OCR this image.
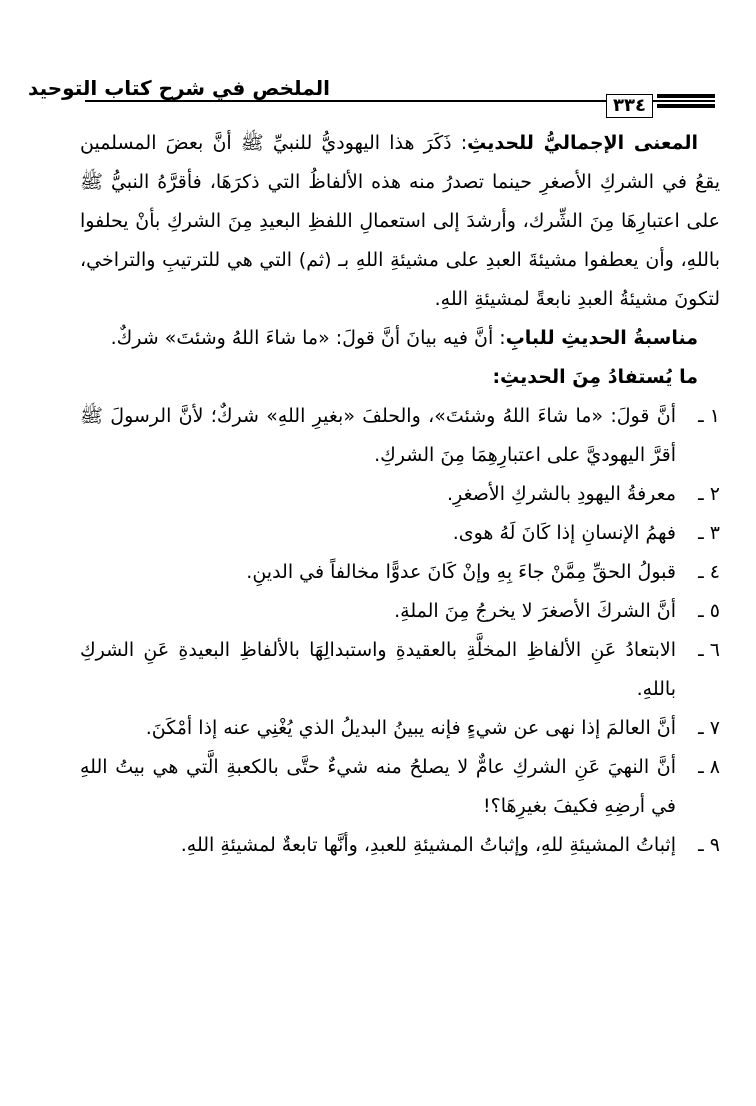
الملخص في شرح كتاب التوحيد
٣٣٤

المعنى الإجماليُّ للحديثِ: ذَكَرَ هذا اليهوديُّ للنبيِّ ﷺ أنَّ بعضَ المسلمين يقعُ في الشركِ الأصغرِ حينما تصدرُ منه هذه الألفاظُ التي ذكرَهَا، فأقرَّهُ النبيُّ ﷺ على اعتبارِهَا مِنَ الشِّرك، وأرشدَ إلى استعمالِ اللفظِ البعيدِ مِنَ الشركِ بأنْ يحلفوا باللهِ، وأن يعطفوا مشيئةَ العبدِ على مشيئةِ اللهِ بـ (ثم) التي هي للترتيبِ والتراخي، لتكونَ مشيئةُ العبدِ نابعةً لمشيئةِ اللهِ.

مناسبةُ الحديثِ للبابِ: أنَّ فيه بيانَ أنَّ قولَ: «ما شاءَ اللهُ وشئتَ» شركٌ.

ما يُستفادُ مِنَ الحديثِ:

١ ـ
أنَّ قولَ: «ما شاءَ اللهُ وشئتَ»، والحلفَ «بغيرِ اللهِ» شركٌ؛ لأنَّ الرسولَ ﷺ أقرَّ اليهوديَّ على اعتبارِهِمَا مِنَ الشركِ.
٢ ـ
معرفةُ اليهودِ بالشركِ الأصغرِ.
٣ ـ
فهمُ الإنسانِ إذا كَانَ لَهُ هوى.
٤ ـ
قبولُ الحقِّ مِمَّنْ جاءَ بِهِ وإنْ كَانَ عدوًّا مخالفاً في الدينِ.
٥ ـ
أنَّ الشركَ الأصغرَ لا يخرجُ مِنَ الملةِ.
٦ ـ
الابتعادُ عَنِ الألفاظِ المخلَّةِ بالعقيدةِ واستبدالِهَا بالألفاظِ البعيدةِ عَنِ الشركِ باللهِ.
٧ ـ
أنَّ العالمَ إذا نهى عن شيءٍ فإنه يبينُ البديلُ الذي يُغْنِي عنه إذا أمْكَنَ.
٨ ـ
أنَّ النهيَ عَنِ الشركِ عامٌّ لا يصلحُ منه شيءٌ حتَّى بالكعبةِ الَّتي هي بيتُ اللهِ في أرضِهِ فكيفَ بغيرِهَا؟!
٩ ـ
إثباتُ المشيئةِ للهِ، وإثباتُ المشيئةِ للعبدِ، وأنَّها تابعةٌ لمشيئةِ اللهِ.
